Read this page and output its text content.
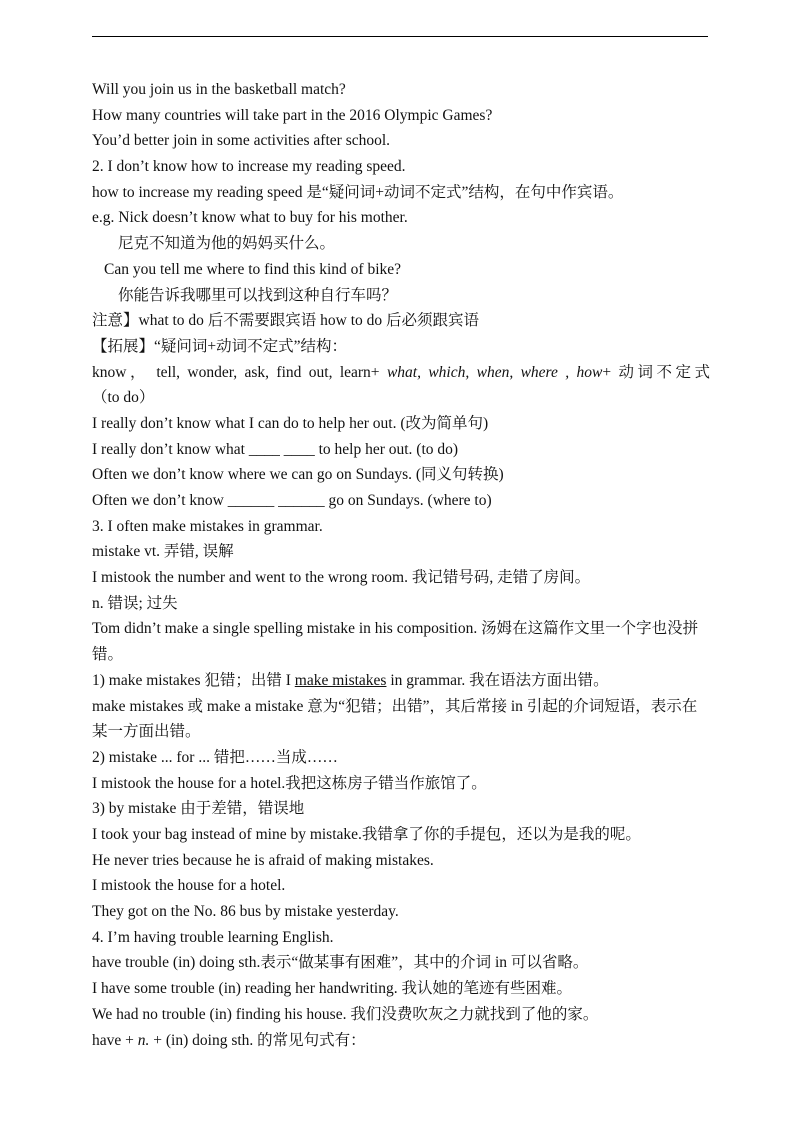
Will you join us in the basketball match?
How many countries will take part in the 2016 Olympic Games?
You’d better join in some activities after school.
2. I don’t know how to increase my reading speed.
how to increase my reading speed 是“疑问词+动词不定式”结构，在句中作宾语。
e.g. Nick doesn’t know what to buy for his mother.
尼克不知道为他的妈妈买什么。
Can you tell me where to find this kind of bike?
你能告诉我哪里可以找到这种自行车吗？
注意】what to do 后不需要跟宾语 how to do 后必须跟宾语
【拓展】“疑问词+动词不定式”结构：
know， tell, wonder, ask, find out, learn+ what, which, when, where , how+ 动词不定式
（to do）
I really don’t know what I can do to help her out. (改为简单句)
I really don’t know what ____ ____ to help her out. (to do)
Often we don’t know where we can go on Sundays. (同义句转换)
Often we don’t know ______ ______ go on Sundays. (where to)
3. I often make mistakes in grammar.
mistake vt. 弄错, 误解
I mistook the number and went to the wrong room. 我记错号码, 走错了房间。
n. 错误; 过失
Tom didn’t make a single spelling mistake in his composition. 汤姆在这篇作文里一个字也没拼错。
1) make mistakes 犯错；出错 I make mistakes in grammar. 我在语法方面出错。
make mistakes 或 make a mistake 意为“犯错；出错”，其后常接 in 引起的介词短语，表示在某一方面出错。
2) mistake ... for ... 错把……当成……
I mistook the house for a hotel.我把这栋房子错当作旅馆了。
3) by mistake 由于差错，错误地
I took your bag instead of mine by mistake.我错拿了你的手提包，还以为是我的呢。
He never tries because he is afraid of making mistakes.
I mistook the house for a hotel.
They got on the No. 86 bus by mistake yesterday.
4. I’m having trouble learning English.
have trouble (in) doing sth.表示“做某事有困难”，其中的介词 in 可以省略。
I have some trouble (in) reading her handwriting. 我认她的笔迹有些困难。
We had no trouble (in) finding his house. 我们没费吹灰之力就找到了他的家。
have + n. + (in) doing sth. 的常见句式有：
